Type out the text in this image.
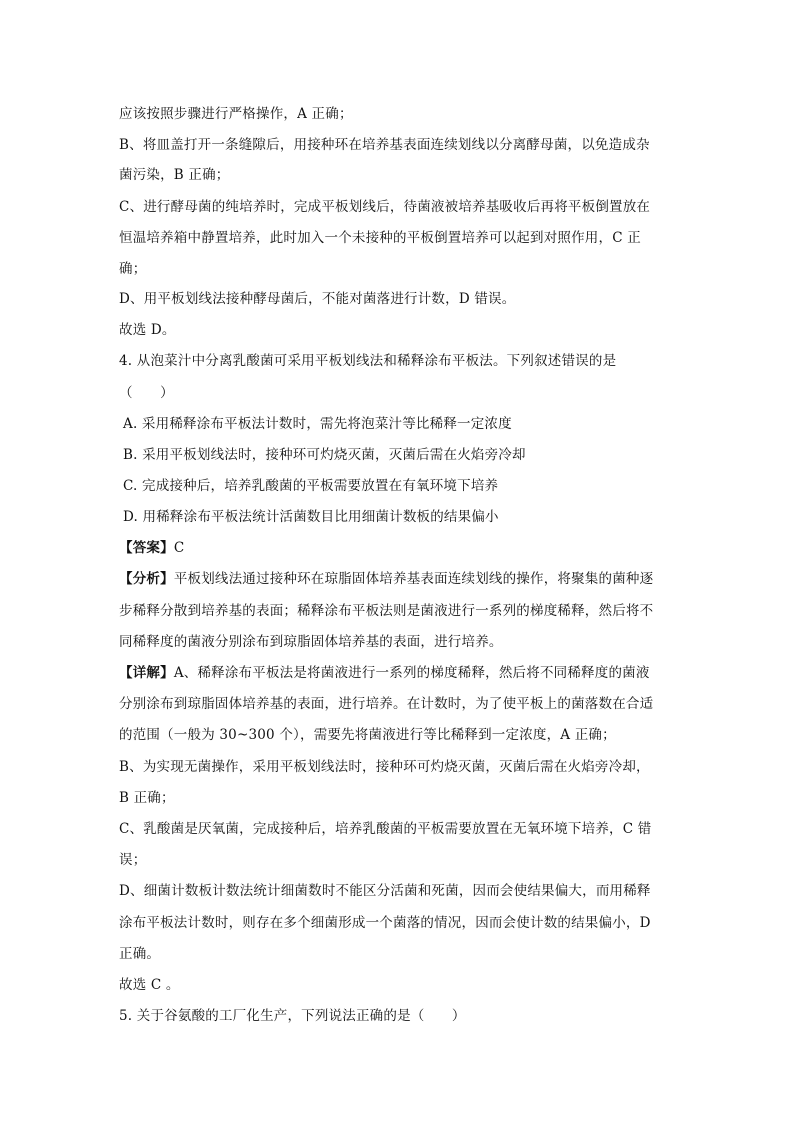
应该按照步骤进行严格操作，A 正确；
B、将皿盖打开一条缝隙后，用接种环在培养基表面连续划线以分离酵母菌，以免造成杂
菌污染，B 正确；
C、进行酵母菌的纯培养时，完成平板划线后，待菌液被培养基吸收后再将平板倒置放在
恒温培养箱中静置培养，此时加入一个未接种的平板倒置培养可以起到对照作用，C 正
确；
D、用平板划线法接种酵母菌后，不能对菌落进行计数，D 错误。
故选 D。
4. 从泡菜汁中分离乳酸菌可采用平板划线法和稀释涂布平板法。下列叙述错误的是
（　　）
A. 采用稀释涂布平板法计数时，需先将泡菜汁等比稀释一定浓度
B. 采用平板划线法时，接种环可灼烧灭菌，灭菌后需在火焰旁冷却
C. 完成接种后，培养乳酸菌的平板需要放置在有氧环境下培养
D. 用稀释涂布平板法统计活菌数目比用细菌计数板的结果偏小
【答案】C
【分析】平板划线法通过接种环在琼脂固体培养基表面连续划线的操作，将聚集的菌种逐
步稀释分散到培养基的表面；稀释涂布平板法则是菌液进行一系列的梯度稀释，然后将不
同稀释度的菌液分别涂布到琼脂固体培养基的表面，进行培养。
【详解】A、稀释涂布平板法是将菌液进行一系列的梯度稀释，然后将不同稀释度的菌液
分别涂布到琼脂固体培养基的表面，进行培养。在计数时，为了使平板上的菌落数在合适
的范围（一般为 30~300 个），需要先将菌液进行等比稀释到一定浓度，A 正确；
B、为实现无菌操作，采用平板划线法时，接种环可灼烧灭菌，灭菌后需在火焰旁冷却，
B 正确；
C、乳酸菌是厌氧菌，完成接种后，培养乳酸菌的平板需要放置在无氧环境下培养，C 错
误；
D、细菌计数板计数法统计细菌数时不能区分活菌和死菌，因而会使结果偏大，而用稀释
涂布平板法计数时，则存在多个细菌形成一个菌落的情况，因而会使计数的结果偏小，D
正确。
故选 C 。
5. 关于谷氨酸的工厂化生产，下列说法正确的是（　　）
